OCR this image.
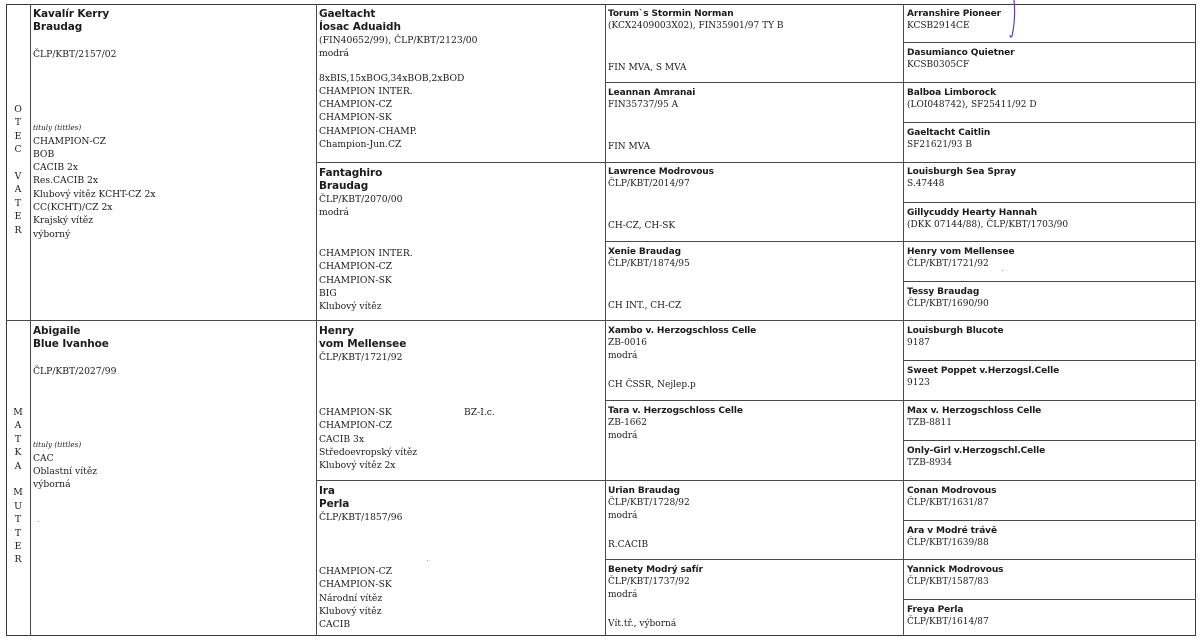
O
T
E
C

V
A
T
E
R
M
A
T
K
A

M
U
T
T
E
R
Kavalír Kerry
Braudag
ČLP/KBT/2157/02
tituly (tittles)
CHAMPION-CZ
BOB
CACIB 2x
Res.CACIB 2x
Klubový vítěz KCHT-CZ 2x
CC(KCHT)/CZ 2x
Krajský vítěz
výborný
Abigaile
Blue Ivanhoe
ČLP/KBT/2027/99
tituly (tittles)
CAC
Oblastní vítěz
výborná
Gaeltacht
Íosac Aduaidh
(FIN40652/99), ČLP/KBT/2123/00
modrá
8xBIS,15xBOG,34xBOB,2xBOD
CHAMPION INTER.
CHAMPION-CZ
CHAMPION-SK
CHAMPION-CHAMP.
Champion-Jun.CZ
Fantaghiro
Braudag
ČLP/KBT/2070/00
modrá
CHAMPION INTER.
CHAMPION-CZ
CHAMPION-SK
BIG
Klubový vítěz
Henry
vom Mellensee
ČLP/KBT/1721/92
CHAMPION-SK
CHAMPION-CZ
CACIB 3x
Středoevropský vítěz
Klubový vítěz 2x
BZ-I.c.
Ira
Perla
ČLP/KBT/1857/96
CHAMPION-CZ
CHAMPION-SK
Národní vítěz
Klubový vítěz
CACIB
Torum`s Stormin Norman
(KCX2409003X02), FIN35901/97 TY B
FIN MVA, S MVA
Leannan Amranai
FIN35737/95 A
FIN MVA
Lawrence Modrovous
ČLP/KBT/2014/97
CH-CZ, CH-SK
Xenie Braudag
ČLP/KBT/1874/95
CH INT., CH-CZ
Xambo v. Herzogschloss Celle
ZB-0016
modrá
CH ČSSR, Nejlep.p
Tara v. Herzogschloss Celle
ZB-1662
modrá
Urian Braudag
ČLP/KBT/1728/92
modrá
R.CACIB
Benety Modrý safír
ČLP/KBT/1737/92
modrá
Vít.tř., výborná
Arranshire Pioneer
KCSB2914CE
Dasumianco Quietner
KCSB0305CF
Balboa Limborock
(LOI048742), SF25411/92 D
Gaeltacht Caitlin
SF21621/93 B
Louisburgh Sea Spray
S.47448
Gillycuddy Hearty Hannah
(DKK 07144/88), ČLP/KBT/1703/90
Henry vom Mellensee
ČLP/KBT/1721/92
Tessy Braudag
ČLP/KBT/1690/90
Louisburgh Blucote
9187
Sweet Poppet v.Herzogsl.Celle
9123
Max v. Herzogschloss Celle
TZB-8811
Only-Girl v.Herzogschl.Celle
TZB-8934
Conan Modrovous
ČLP/KBT/1631/87
Ara v Modré trávě
ČLP/KBT/1639/88
Yannick Modrovous
ČLP/KBT/1587/83
Freya Perla
ČLP/KBT/1614/87
